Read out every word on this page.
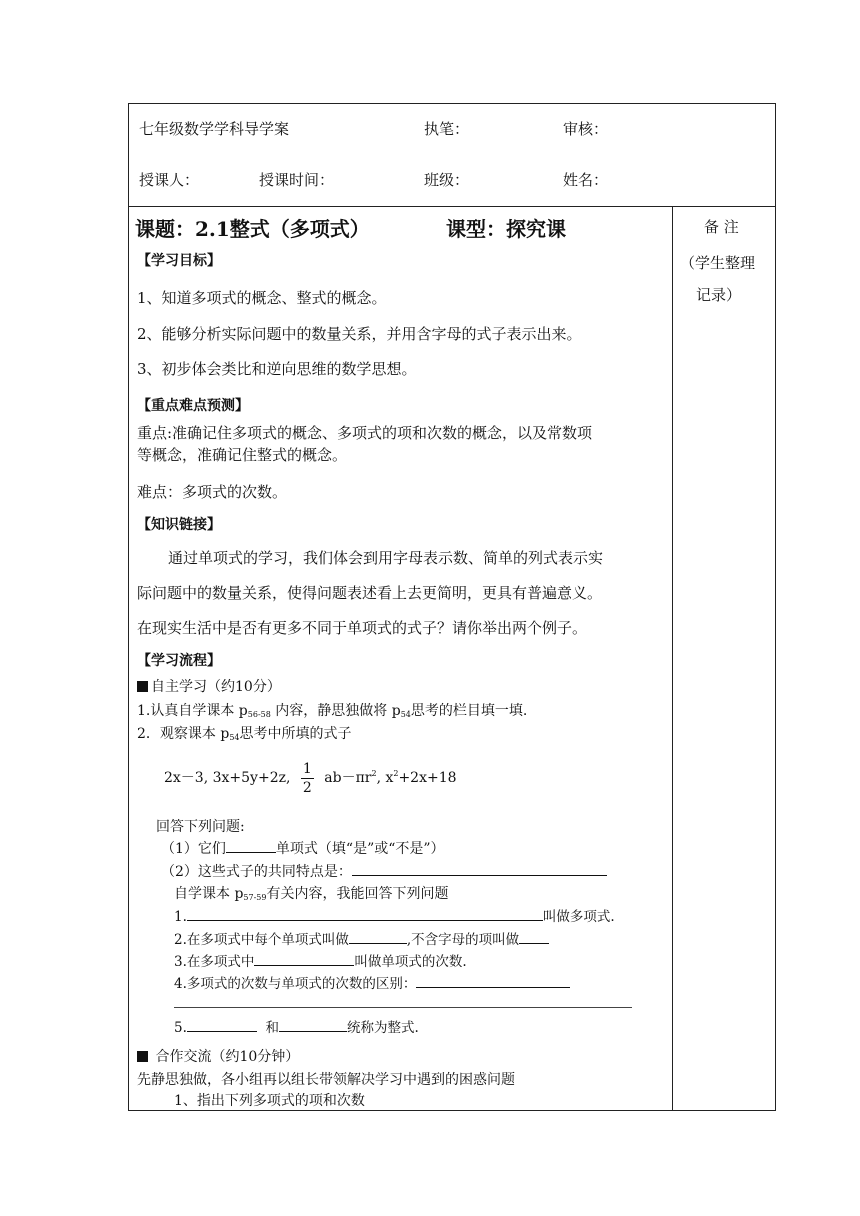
七年级数学学科导学案	执笔：	审核：
授课人：	授课时间：	班级：	姓名：
课题：2.1整式（多项式）	课型：探究课	备 注
（学生整理
记录）
【学习目标】
1、知道多项式的概念、整式的概念。
2、能够分析实际问题中的数量关系，并用含字母的式子表示出来。
3、初步体会类比和逆向思维的数学思想。
【重点难点预测】
重点:准确记住多项式的概念、多项式的项和次数的概念，以及常数项
等概念，准确记住整式的概念。
难点：多项式的次数。
【知识链接】
通过单项式的学习，我们体会到用字母表示数、简单的列式表示实
际问题中的数量关系，使得问题表述看上去更简明，更具有普遍意义。
在现实生活中是否有更多不同于单项式的式子？请你举出两个例子。
【学习流程】
自主学习（约10分）
1.认真自学课本 $p_{56-58}$ 内容，静思独做将 $p_{54}$思考的栏目填一填.
2．观察课本 $p_{54}$思考中所填的式子
2x－3, 3x+5y+2z, $\frac{1}{2} ab-\pi r^2$, $x^2+2x+18$
回答下列问题:
（1）它们	单项式（填“是”或“不是”）
（2）这些式子的共同特点是：
自学课本 $p_{57-59}$有关内容，我能回答下列问题
1.	叫做多项式.
2.在多项式中每个单项式叫做	,不含字母的项叫做
3.在多项式中	叫做单项式的次数.
4.多项式的次数与单项式的次数的区别：
5.	和	统称为整式.
合作交流（约10分钟）
先静思独做，各小组再以组长带领解决学习中遇到的困惑问题
1、指出下列多项式的项和次数
